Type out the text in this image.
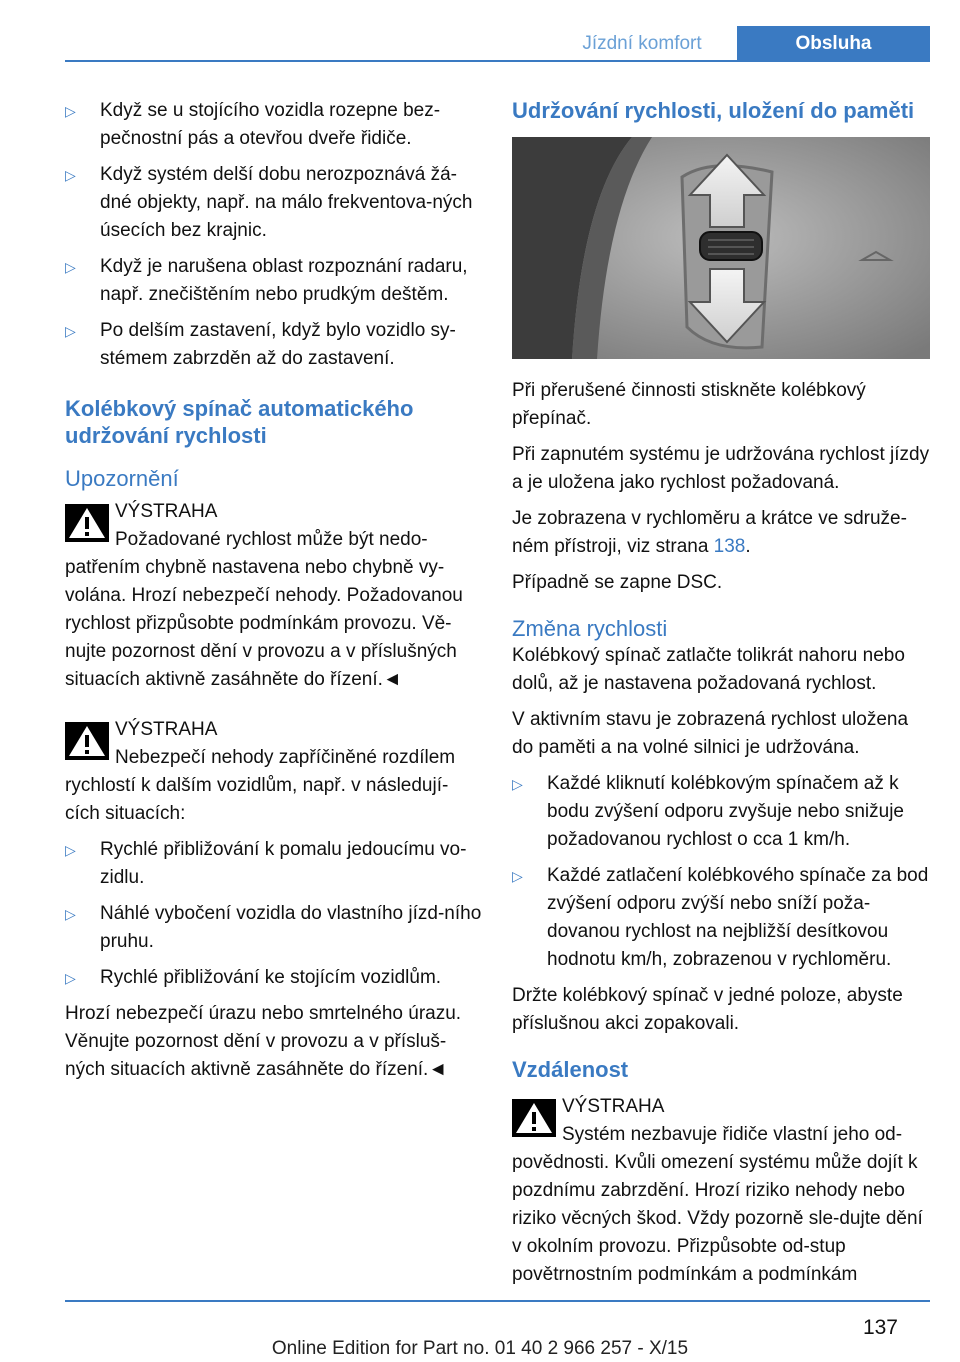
Jízdní komfort	Obsluha
▷ Když se u stojícího vozidla rozepne bez‐pečnostní pás a otevřou dveře řidiče.
▷ Když systém delší dobu nerozpoznává žá‐dné objekty, např. na málo frekventova‐ných úsecích bez krajnic.
▷ Když je narušena oblast rozpoznání radaru, např. znečištěním nebo prudkým deštěm.
▷ Po delším zastavení, když bylo vozidlo sy‐stémem zabrzděn až do zastavení.
Kolébkový spínač automatického udržování rychlosti
Upozornění
VÝSTRAHA

Požadované rychlost může být nedo‐patřením chybně nastavena nebo chybně vy‐volána. Hrozí nebezpečí nehody. Požadovanou rychlost přizpůsobte podmínkám provozu. Vě‐nujte pozornost dění v provozu a v příslušných situacích aktivně zasáhněte do řízení.◄

VÝSTRAHA

Nebezpečí nehody zapříčiněné rozdílem rychlostí k dalším vozidlům, např. v následují‐cích situacích:

▷ Rychlé přibližování k pomalu jedoucímu vo‐zidlu.
▷ Náhlé vybočení vozidla do vlastního jízd‐ního pruhu.
▷ Rychlé přibližování ke stojícím vozidlům.

Hrozí nebezpečí úrazu nebo smrtelného úrazu. Věnujte pozornost dění v provozu a v přísluš‐ných situacích aktivně zasáhněte do řízení.◄

Udržování rychlosti, uložení do paměti

Při přerušené činnosti stiskněte kolébkový přepínač.

Při zapnutém systému je udržována rychlost jízdy a je uložena jako rychlost požadovaná.

Je zobrazena v rychloměru a krátce ve sdruže‐ném přístroji, viz strana 138.

Případně se zapne DSC.

Změna rychlosti

Kolébkový spínač zatlačte tolikrát nahoru nebo dolů, až je nastavena požadovaná rychlost.

V aktivním stavu je zobrazená rychlost uložena do paměti a na volné silnici je udržována.

▷ Každé kliknutí kolébkovým spínačem až k bodu zvýšení odporu zvyšuje nebo snižuje požadovanou rychlost o cca 1 km/h.
▷ Každé zatlačení kolébkového spínače za bod zvýšení odporu zvýší nebo sníží poža‐dovanou rychlost na nejbližší desítkovou hodnotu km/h, zobrazenou v rychloměru.

Držte kolébkový spínač v jedné poloze, abyste příslušnou akci zopakovali.

Vzdálenost
VÝSTRAHA

Systém nezbavuje řidiče vlastní jeho od‐povědnosti. Kvůli omezení systému může dojít k pozdnímu zabrzdění. Hrozí riziko nehody nebo riziko věcných škod. Vždy pozorně sle‐dujte dění v okolním provozu. Přizpůsobte od‐stup povětrnostním podmínkám a podmínkám

137
Online Edition for Part no. 01 40 2 966 257 - X/15
